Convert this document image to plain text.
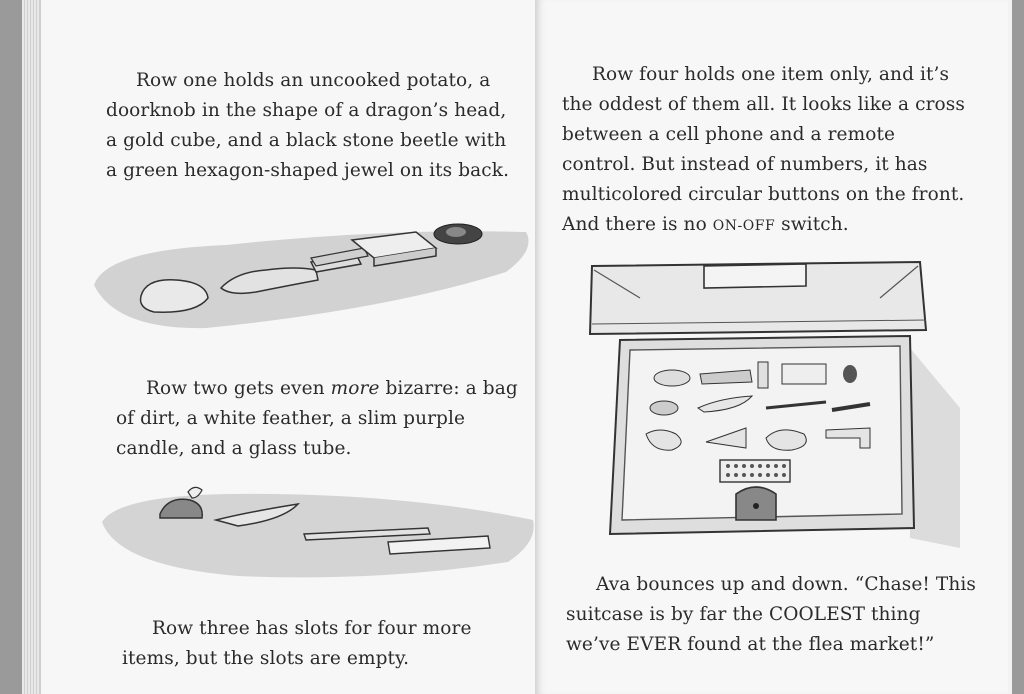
Row one holds an uncooked potato, a doorknob in the shape of a dragon’s head, a gold cube, and a black stone beetle with a green hexagon-shaped jewel on its back.

Row two gets even more bizarre: a bag of dirt, a white feather, a slim purple candle, and a glass tube.

Row three has slots for four more items, but the slots are empty.

Row four holds one item only, and it’s the oddest of them all. It looks like a cross between a cell phone and a remote control. But instead of numbers, it has multicolored circular buttons on the front. And there is no ON-OFF switch.

Ava bounces up and down. “Chase! This suitcase is by far the COOLEST thing we’ve EVER found at the flea market!”
